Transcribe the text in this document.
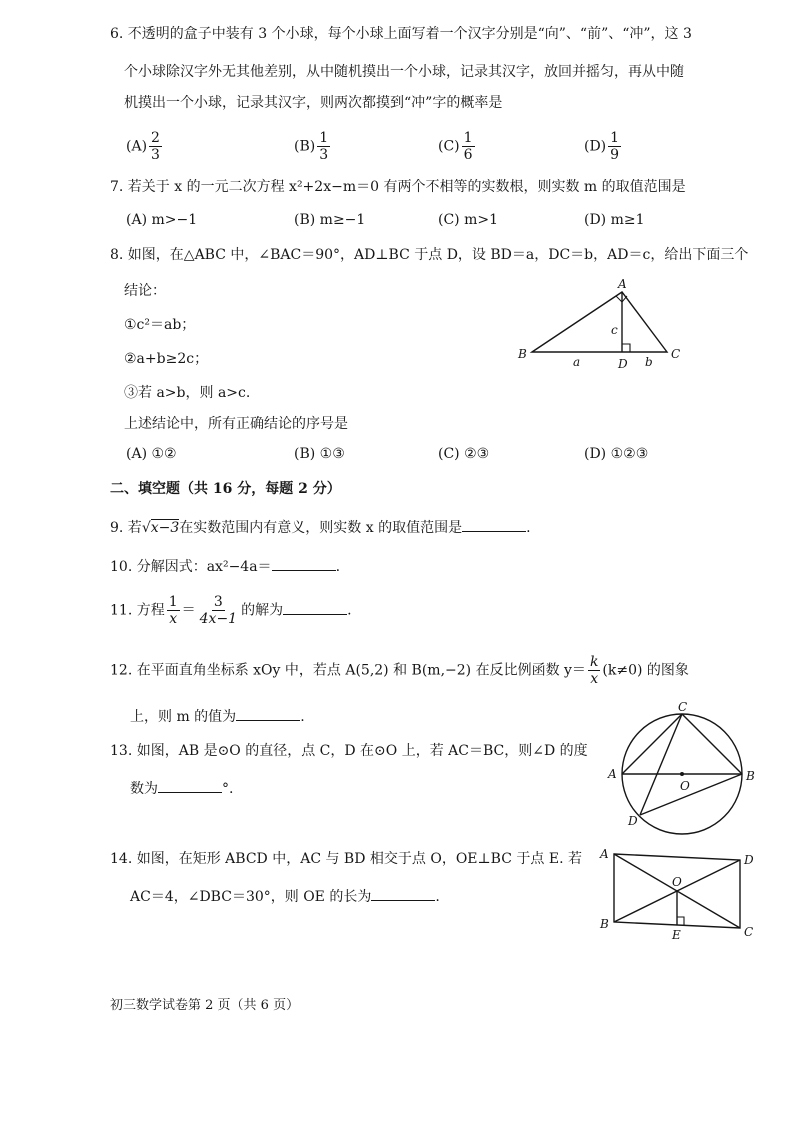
6. 不透明的盒子中装有 3 个小球，每个小球上面写着一个汉字分别是“向”、“前”、“冲”，这 3
个小球除汉字外无其他差别，从中随机摸出一个小球，记录其汉字，放回并摇匀，再从中随
机摸出一个小球，记录其汉字，则两次都摸到“冲”字的概率是
$(A) \frac{2}{3}$	$(B) \frac{1}{3}$	$(C) \frac{1}{6}$	$(D) \frac{1}{9}$
7. 若关于 x 的一元二次方程 x²+2x−m＝0 有两个不相等的实数根，则实数 m 的取值范围是
(A) m>−1	(B) m≥−1	(C) m>1	(D) m≥1
8. 如图，在△ABC 中，∠BAC＝90°，AD⊥BC 于点 D，设 BD＝a，DC＝b，AD＝c，给出下面三个
结论：
①c²＝ab；
②a+b≥2c；
③若 a>b，则 a>c.
上述结论中，所有正确结论的序号是
(A) ①②	(B) ①③	(C) ②③	(D) ①②③
A
B	C
D
a	b
c
二、填空题（共 16 分，每题 2 分）
9. 若√x−3在实数范围内有意义，则实数 x 的取值范围是	.
10. 分解因式：ax²−4a＝	.
11. 方程 $\frac{1}{x} = \frac{3}{4x-1}$ 的解为	.
12. 在平面直角坐标系 xOy 中，若点 A(5,2) 和 B(m,−2) 在反比例函数 $y= \frac{k}{x} (k\ne 0)$ 的图象
上，则 m 的值为	.
13. 如图，AB 是⊙O 的直径，点 C，D 在⊙O 上，若 AC＝BC，则∠D 的度
数为	°.
C
A	B
O
D
14. 如图，在矩形 ABCD 中，AC 与 BD 相交于点 O，OE⊥BC 于点 E. 若
AC＝4，∠DBC＝30°，则 OE 的长为	.
A	D
O
B
E	C
初三数学试卷第 2 页（共 6 页）
